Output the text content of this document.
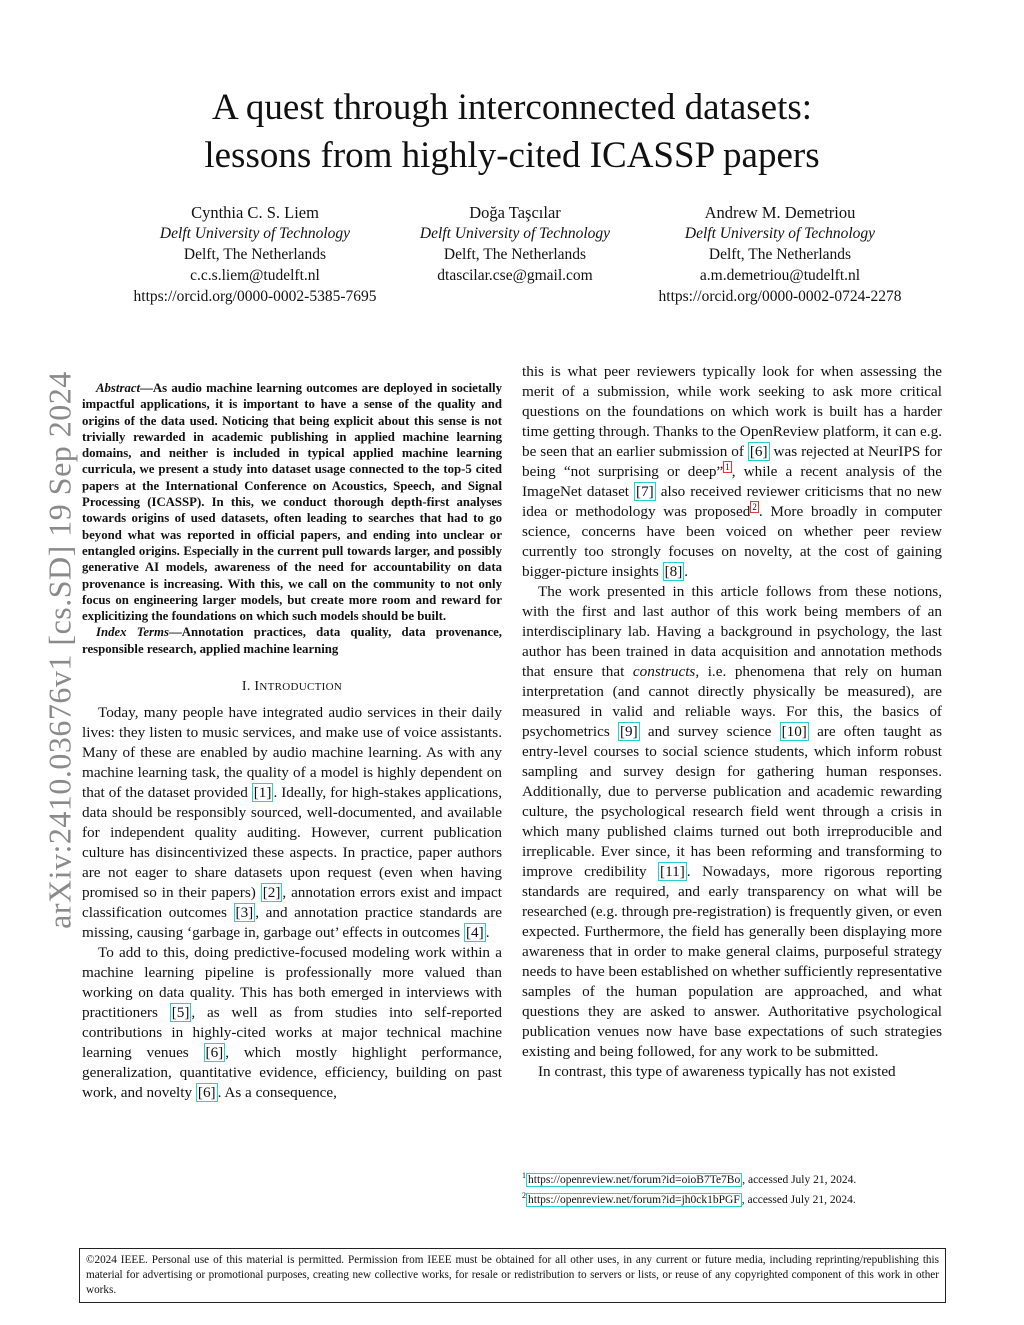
A quest through interconnected datasets:
lessons from highly-cited ICASSP papers
Cynthia C. S. Liem
Delft University of Technology
Delft, The Netherlands
c.c.s.liem@tudelft.nl
https://orcid.org/0000-0002-5385-7695
Doğa Taşcılar
Delft University of Technology
Delft, The Netherlands
dtascilar.cse@gmail.com
Andrew M. Demetriou
Delft University of Technology
Delft, The Netherlands
a.m.demetriou@tudelft.nl
https://orcid.org/0000-0002-0724-2278
arXiv:2410.03676v1 [cs.SD] 19 Sep 2024	Abstract—As audio machine learning outcomes are deployed in societally impactful applications, it is important to have a sense of the quality and origins of the data used. Noticing that being explicit about this sense is not trivially rewarded in academic publishing in applied machine learning domains, and neither is included in typical applied machine learning curricula, we present a study into dataset usage connected to the top-5 cited papers at the International Conference on Acoustics, Speech, and Signal Processing (ICASSP). In this, we conduct thorough depth-first analyses towards origins of used datasets, often leading to searches that had to go beyond what was reported in official papers, and ending into unclear or entangled origins. Especially in the current pull towards larger, and possibly generative AI models, awareness of the need for accountability on data provenance is increasing. With this, we call on the community to not only focus on engineering larger models, but create more room and reward for explicitizing the foundations on which such models should be built.

Index Terms—Annotation practices, data quality, data provenance, responsible research, applied machine learning

I. INTRODUCTION

Today, many people have integrated audio services in their daily lives: they listen to music services, and make use of voice assistants. Many of these are enabled by audio machine learning. As with any machine learning task, the quality of a model is highly dependent on that of the dataset provided [1] . Ideally, for high-stakes applications, data should be responsibly sourced, well-documented, and available for independent quality auditing. However, current publication culture has disincentivized these aspects. In practice, paper authors are not eager to share datasets upon request (even when having promised so in their papers) [2] , annotation errors exist and impact classification outcomes [3] , and annotation practice standards are missing, causing ‘garbage in, garbage out’ effects in outcomes [4] .

To add to this, doing predictive-focused modeling work within a machine learning pipeline is professionally more valued than working on data quality. This has both emerged in interviews with practitioners [5] , as well as from studies into self-reported contributions in highly-cited works at major technical machine learning venues [6] , which mostly highlight performance, generalization, quantitative evidence, efficiency, building on past work, and novelty [6] . As a consequence,

this is what peer reviewers typically look for when assessing the merit of a submission, while work seeking to ask more critical questions on the foundations on which work is built has a harder time getting through. Thanks to the OpenReview platform, it can e.g. be seen that an earlier submission of [6] was rejected at NeurIPS for being “not surprising or deep” $^1$ , while a recent analysis of the ImageNet dataset [7] also received reviewer criticisms that no new idea or methodology was proposed $^2$ . More broadly in computer science, concerns have been voiced on whether peer review currently too strongly focuses on novelty, at the cost of gaining bigger-picture insights [8] .

The work presented in this article follows from these notions, with the first and last author of this work being members of an interdisciplinary lab. Having a background in psychology, the last author has been trained in data acquisition and annotation methods that ensure that constructs, i.e. phenomena that rely on human interpretation (and cannot directly physically be measured), are measured in valid and reliable ways. For this, the basics of psychometrics [9] and survey science [10] are often taught as entry-level courses to social science students, which inform robust sampling and survey design for gathering human responses. Additionally, due to perverse publication and academic rewarding culture, the psychological research field went through a crisis in which many published claims turned out both irreproducible and irreplicable. Ever since, it has been reforming and transforming to improve credibility [11] . Nowadays, more rigorous reporting standards are required, and early transparency on what will be researched (e.g. through pre-registration) is frequently given, or even expected. Furthermore, the field has generally been displaying more awareness that in order to make general claims, purposeful strategy needs to have been established on whether sufficiently representative samples of the human population are approached, and what questions they are asked to answer. Authoritative psychological publication venues now have base expectations of such strategies existing and being followed, for any work to be submitted.

In contrast, this type of awareness typically has not existed

$^1$ https://openreview.net/forum?id=oioB7Te7Bo , accessed July 21, 2024.
$^2$ https://openreview.net/forum?id=jh0ck1bPGF , accessed July 21, 2024.
©2024 IEEE. Personal use of this material is permitted. Permission from IEEE must be obtained for all other uses, in any current or future media, including reprinting/republishing this material for advertising or promotional purposes, creating new collective works, for resale or redistribution to servers or lists, or reuse of any copyrighted component of this work in other works.
